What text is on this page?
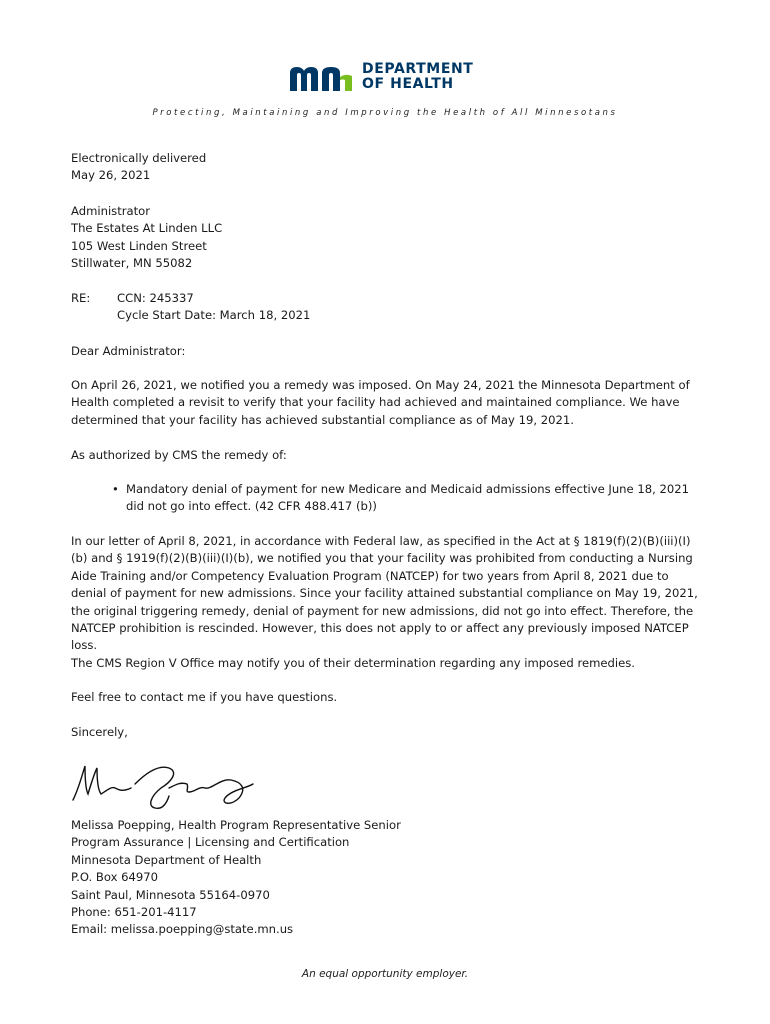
DEPARTMENT
OF HEALTH
Protecting, Maintaining and Improving the Health of All Minnesotans
Electronically delivered
May 26, 2021
Administrator
The Estates At Linden LLC
105 West Linden Street
Stillwater, MN 55082
RE: CCN: 245337
Cycle Start Date: March 18, 2021
Dear Administrator:
On April 26, 2021, we notified you a remedy was imposed. On May 24, 2021 the Minnesota Department of Health completed a revisit to verify that your facility had achieved and maintained compliance. We have determined that your facility has achieved substantial compliance as of May 19, 2021.
As authorized by CMS the remedy of:
• Mandatory denial of payment for new Medicare and Medicaid admissions effective June 18, 2021 did not go into effect. (42 CFR 488.417 (b))
In our letter of April 8, 2021, in accordance with Federal law, as specified in the Act at § 1819(f)(2)(B)(iii)(I)(b) and § 1919(f)(2)(B)(iii)(I)(b), we notified you that your facility was prohibited from conducting a Nursing Aide Training and/or Competency Evaluation Program (NATCEP) for two years from April 8, 2021 due to denial of payment for new admissions. Since your facility attained substantial compliance on May 19, 2021, the original triggering remedy, denial of payment for new admissions, did not go into effect. Therefore, the NATCEP prohibition is rescinded. However, this does not apply to or affect any previously imposed NATCEP loss.
The CMS Region V Office may notify you of their determination regarding any imposed remedies.
Feel free to contact me if you have questions.
Sincerely,
Melissa Poepping, Health Program Representative Senior
Program Assurance | Licensing and Certification
Minnesota Department of Health
P.O. Box 64970
Saint Paul, Minnesota 55164-0970
Phone: 651-201-4117
Email: melissa.poepping@state.mn.us
An equal opportunity employer.
